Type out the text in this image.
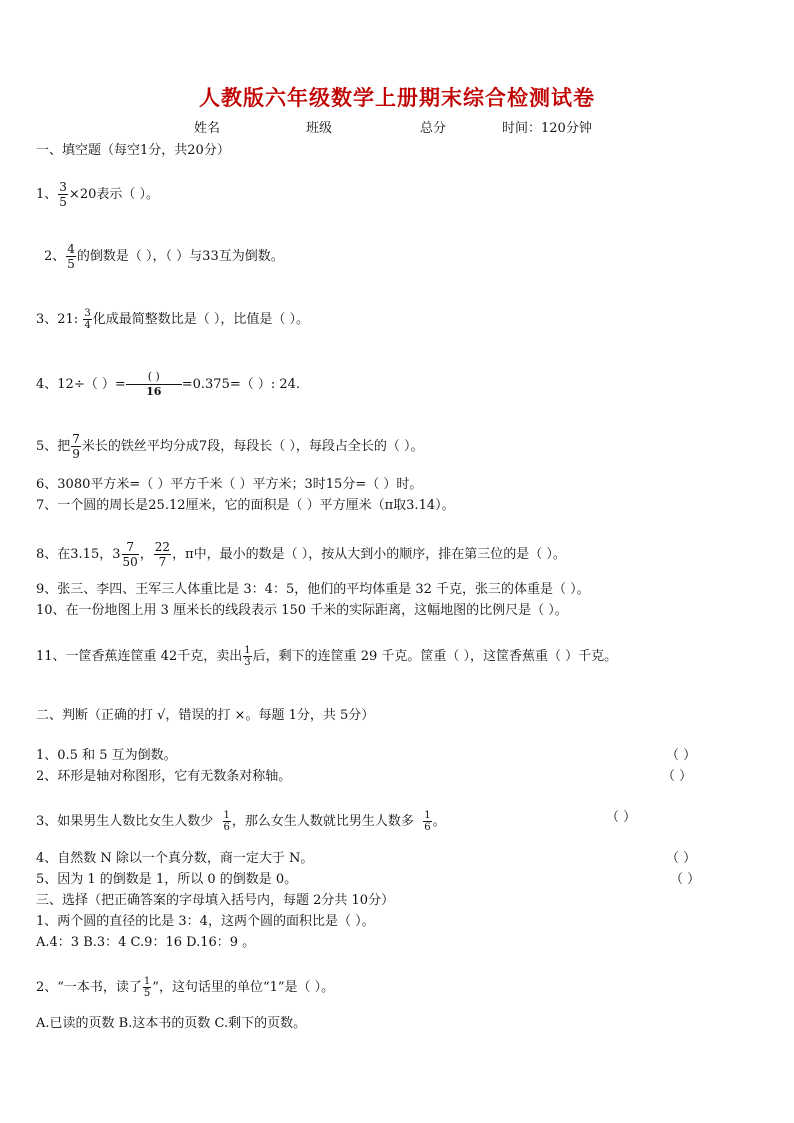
人教版六年级数学上册期末综合检测试卷
姓名	班级	总分	时间：120分钟
一、填空题（每空1分，共20分）
1、 $\frac{3}{5} \times 20$表示（ ）。
2、 $\frac{4}{5}$ 的倒数是（ ），（ ）与33互为倒数。
3、21: $\frac{3}{4}$ 化成最简整数比是（ ），比值是（ ）。
4、12÷（ ）=
( )
16	=0.375=（ ）: 24.
5、把 $\frac{7}{9}$ 米长的铁丝平均分成7段，每段长（ ），每段占全长的（ ）。
6、3080平方米=（ ）平方千米（ ）平方米；3时15分=（ ）时。
7、一个圆的周长是25.12厘米，它的面积是（ ）平方厘米（π取3.14）。
8、在3.15，$3 \frac{7}{50}$ ， $\frac{22}{7}$ ，π中，最小的数是（ ），按从大到小的顺序，排在第三位的是（ ）。
9、张三、李四、王军三人体重比是 3：4：5，他们的平均体重是 32 千克，张三的体重是（ ）。
10、在一份地图上用 3 厘米长的线段表示 150 千米的实际距离，这幅地图的比例尺是（ ）。
11、一筐香蕉连筐重 42千克，卖出 $\frac{1}{3}$ 后，剩下的连筐重 29 千克。筐重（ ），这筐香蕉重（ ）千克。
二、判断（正确的打 √，错误的打 ×。每题 1分，共 5分）
1、0.5 和 5 互为倒数。	（ ）
2、环形是轴对称图形，它有无数条对称轴。	（ ）
3、如果男生人数比女生人数少 $\frac{1}{6}$ ，那么女生人数就比男生人数多 $\frac{1}{6}$ 。	（ ）
4、自然数 N 除以一个真分数，商一定大于 N。	（ ）
5、因为 1 的倒数是 1，所以 0 的倒数是 0。	（ ）
三、选择（把正确答案的字母填入括号内，每题 2分共 10分）
1、两个圆的直径的比是 3：4，这两个圆的面积比是（ ）。
A.4：3 B.3：4 C.9：16 D.16：9 。
2、“一本书，读了 $\frac{1}{5}$ ”，这句话里的单位“1”是（ ）。
A.已读的页数 B.这本书的页数 C.剩下的页数。
